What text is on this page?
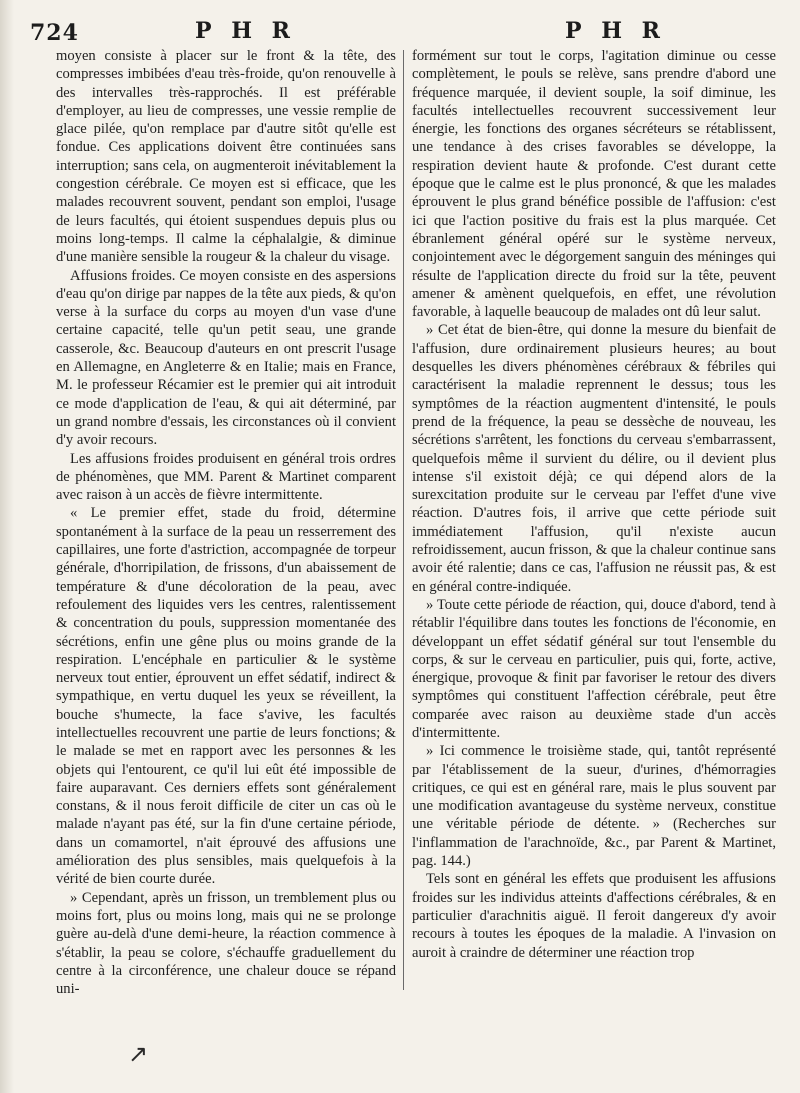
724	P H R	P H R

moyen consiste à placer sur le front & la tête, des compresses imbibées d'eau très-froide, qu'on renouvelle à des intervalles très-rapprochés. Il est préférable d'employer, au lieu de compresses, une vessie remplie de glace pilée, qu'on remplace par d'autre sitôt qu'elle est fondue. Ces applications doivent être continuées sans interruption; sans cela, on augmenteroit inévitablement la congestion cérébrale. Ce moyen est si efficace, que les malades recouvrent souvent, pendant son emploi, l'usage de leurs facultés, qui étoient suspendues depuis plus ou moins long-temps. Il calme la céphalalgie, & diminue d'une manière sensible la rougeur & la chaleur du visage.

Affusions froides. Ce moyen consiste en des aspersions d'eau qu'on dirige par nappes de la tête aux pieds, & qu'on verse à la surface du corps au moyen d'un vase d'une certaine capacité, telle qu'un petit seau, une grande casserole, &c. Beaucoup d'auteurs en ont prescrit l'usage en Allemagne, en Angleterre & en Italie; mais en France, M. le professeur Récamier est le premier qui ait introduit ce mode d'application de l'eau, & qui ait déterminé, par un grand nombre d'essais, les circonstances où il convient d'y avoir recours.

Les affusions froides produisent en général trois ordres de phénomènes, que MM. Parent & Martinet comparent avec raison à un accès de fièvre intermittente.

« Le premier effet, stade du froid, détermine spontanément à la surface de la peau un resserrement des capillaires, une forte d'astriction, accompagnée de torpeur générale, d'horripilation, de frissons, d'un abaissement de température & d'une décoloration de la peau, avec refoulement des liquides vers les centres, ralentissement & concentration du pouls, suppression momentanée des sécrétions, enfin une gêne plus ou moins grande de la respiration. L'encéphale en particulier & le système nerveux tout entier, éprouvent un effet sédatif, indirect & sympathique, en vertu duquel les yeux se réveillent, la bouche s'humecte, la face s'avive, les facultés intellectuelles recouvrent une partie de leurs fonctions; & le malade se met en rapport avec les personnes & les objets qui l'entourent, ce qu'il lui eût été impossible de faire auparavant. Ces derniers effets sont généralement constans, & il nous feroit difficile de citer un cas où le malade n'ayant pas été, sur la fin d'une certaine période, dans un comamortel, n'ait éprouvé des affusions une amélioration des plus sensibles, mais quelquefois à la vérité de bien courte durée.

» Cependant, après un frisson, un tremblement plus ou moins fort, plus ou moins long, mais qui ne se prolonge guère au-delà d'une demi-heure, la réaction commence à s'établir, la peau se colore, s'échauffe graduellement du centre à la circonférence, une chaleur douce se répand uni-

formément sur tout le corps, l'agitation diminue ou cesse complètement, le pouls se relève, sans prendre d'abord une fréquence marquée, il devient souple, la soif diminue, les facultés intellectuelles recouvrent successivement leur énergie, les fonctions des organes sécréteurs se rétablissent, une tendance à des crises favorables se développe, la respiration devient haute & profonde. C'est durant cette époque que le calme est le plus prononcé, & que les malades éprouvent le plus grand bénéfice possible de l'affusion: c'est ici que l'action positive du frais est la plus marquée. Cet ébranlement général opéré sur le système nerveux, conjointement avec le dégorgement sanguin des méninges qui résulte de l'application directe du froid sur la tête, peuvent amener & amènent quelquefois, en effet, une révolution favorable, à laquelle beaucoup de malades ont dû leur salut.

» Cet état de bien-être, qui donne la mesure du bienfait de l'affusion, dure ordinairement plusieurs heures; au bout desquelles les divers phénomènes cérébraux & fébriles qui caractérisent la maladie reprennent le dessus; tous les symptômes de la réaction augmentent d'intensité, le pouls prend de la fréquence, la peau se dessèche de nouveau, les sécrétions s'arrêtent, les fonctions du cerveau s'embarrassent, quelquefois même il survient du délire, ou il devient plus intense s'il existoit déjà; ce qui dépend alors de la surexcitation produite sur le cerveau par l'effet d'une vive réaction. D'autres fois, il arrive que cette période suit immédiatement l'affusion, qu'il n'existe aucun refroidissement, aucun frisson, & que la chaleur continue sans avoir été ralentie; dans ce cas, l'affusion ne réussit pas, & est en général contre-indiquée.

» Toute cette période de réaction, qui, douce d'abord, tend à rétablir l'équilibre dans toutes les fonctions de l'économie, en développant un effet sédatif général sur tout l'ensemble du corps, & sur le cerveau en particulier, puis qui, forte, active, énergique, provoque & finit par favoriser le retour des divers symptômes qui constituent l'affection cérébrale, peut être comparée avec raison au deuxième stade d'un accès d'intermittente.

» Ici commence le troisième stade, qui, tantôt représenté par l'établissement de la sueur, d'urines, d'hémorragies critiques, ce qui est en général rare, mais le plus souvent par une modification avantageuse du système nerveux, constitue une véritable période de détente. » (Recherches sur l'inflammation de l'arachnoïde, &c., par Parent & Martinet, pag. 144.)

Tels sont en général les effets que produisent les affusions froides sur les individus atteints d'affections cérébrales, & en particulier d'arachnitis aiguë. Il feroit dangereux d'y avoir recours à toutes les époques de la maladie. A l'invasion on auroit à craindre de déterminer une réaction trop

↗
